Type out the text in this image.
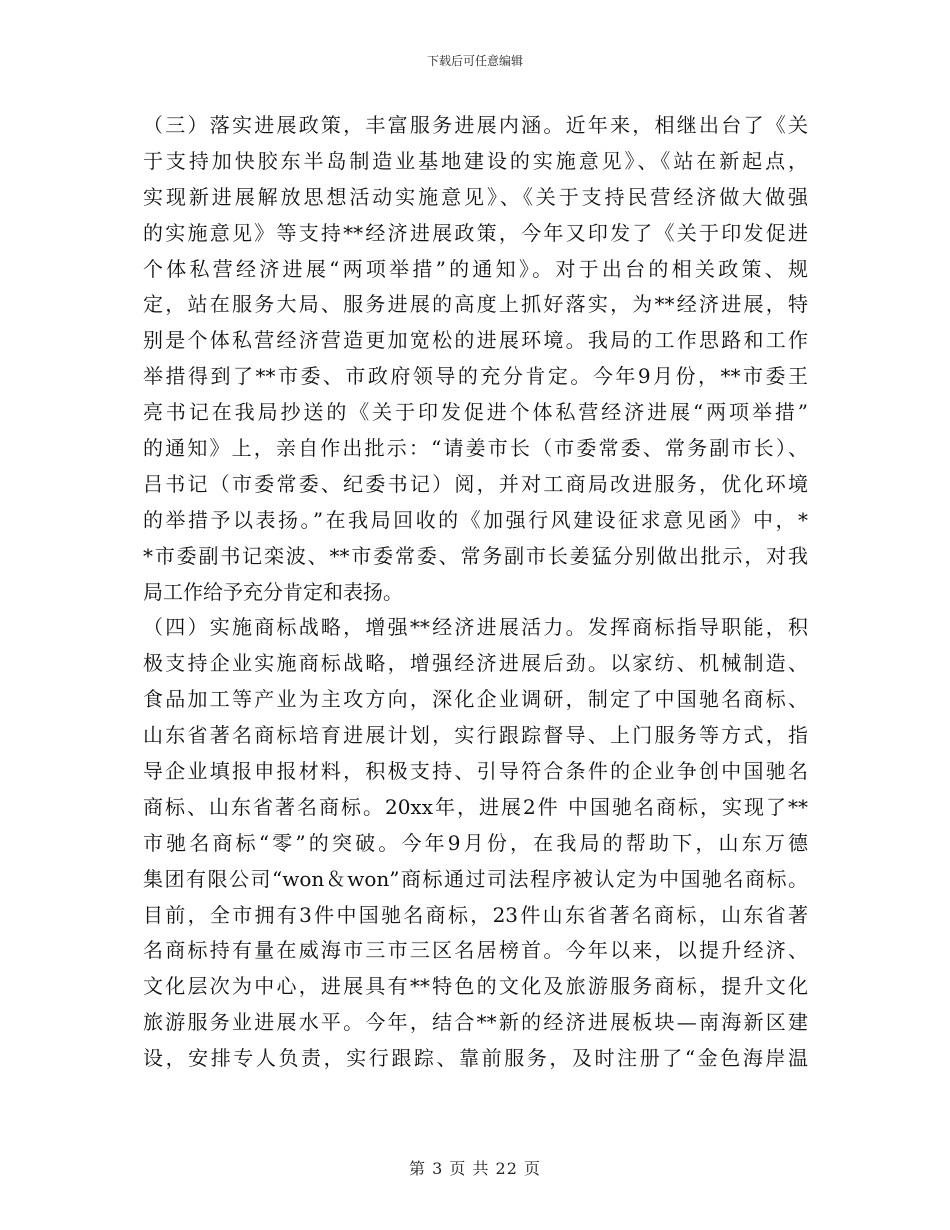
下载后可任意编辑
（三）落实进展政策，丰富服务进展内涵。近年来，相继出台了《关
于支持加快胶东半岛制造业基地建设的实施意见》、《站在新起点，
实现新进展解放思想活动实施意见》、《关于支持民营经济做大做强
的实施意见》等支持**经济进展政策，今年又印发了《关于印发促进
个体私营经济进展“两项举措”的通知》。对于出台的相关政策、规
定，站在服务大局、服务进展的高度上抓好落实，为**经济进展，特
别是个体私营经济营造更加宽松的进展环境。我局的工作思路和工作
举措得到了**市委、市政府领导的充分肯定。今年9月份，**市委王
亮书记在我局抄送的《关于印发促进个体私营经济进展“两项举措”
的通知》上，亲自作出批示：“请姜市长（市委常委、常务副市长）、
吕书记（市委常委、纪委书记）阅，并对工商局改进服务，优化环境
的举措予以表扬。”在我局回收的《加强行风建设征求意见函》中，*
*市委副书记栾波、**市委常委、常务副市长姜猛分别做出批示，对我
局工作给予充分肯定和表扬。
（四）实施商标战略，增强**经济进展活力。发挥商标指导职能，积
极支持企业实施商标战略，增强经济进展后劲。以家纺、机械制造、
食品加工等产业为主攻方向，深化企业调研，制定了中国驰名商标、
山东省著名商标培育进展计划，实行跟踪督导、上门服务等方式，指
导企业填报申报材料，积极支持、引导符合条件的企业争创中国驰名
商标、山东省著名商标。20xx年，进展2件 中国驰名商标，实现了**
市驰名商标“零”的突破。今年9月份，在我局的帮助下，山东万德
集团有限公司“won＆won”商标通过司法程序被认定为中国驰名商标。
目前，全市拥有3件中国驰名商标，23件山东省著名商标，山东省著
名商标持有量在威海市三市三区名居榜首。今年以来，以提升经济、
文化层次为中心，进展具有**特色的文化及旅游服务商标，提升文化
旅游服务业进展水平。今年，结合**新的经济进展板块—南海新区建
设，安排专人负责，实行跟踪、靠前服务，及时注册了“金色海岸温
第 3 页 共 22 页
